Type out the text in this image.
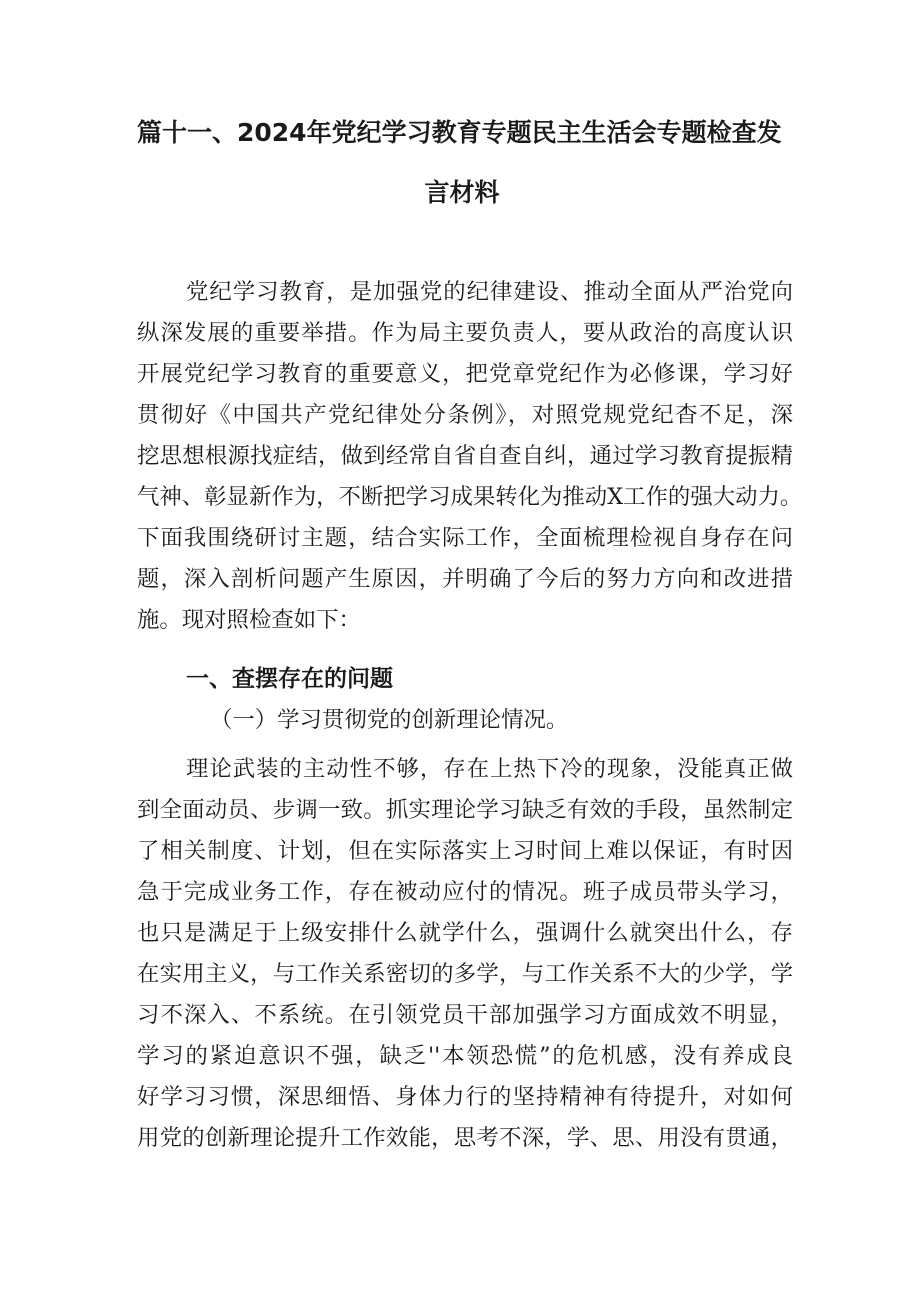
篇十一、2024年党纪学习教育专题民主生活会专题检查发
言材料

党纪学习教育，是加强党的纪律建设、推动全面从严治党向

纵深发展的重要举措。作为局主要负责人，要从政治的高度认识

开展党纪学习教育的重要意义，把党章党纪作为必修课，学习好

贯彻好《中国共产党纪律处分条例》，对照党规党纪杳不足，深

挖思想根源找症结，做到经常自省自查自纠，通过学习教育提振精

气神、彰显新作为，不断把学习成果转化为推动X工作的强大动力。

下面我围绕研讨主题，结合实际工作，全面梳理检视自身存在问

题，深入剖析问题产生原因，并明确了今后的努力方向和改进措

施。现对照检查如下：

一、查摆存在的问题

（一）学习贯彻党的创新理论情况。

理论武装的主动性不够，存在上热下冷的现象，没能真正做

到全面动员、步调一致。抓实理论学习缺乏有效的手段，虽然制定

了相关制度、计划，但在实际落实上习时间上难以保证，有时因

急于完成业务工作，存在被动应付的情况。班子成员带头学习，

也只是满足于上级安排什么就学什么，强调什么就突出什么，存

在实用主义，与工作关系密切的多学，与工作关系不大的少学，学

习不深入、不系统。在引领党员干部加强学习方面成效不明显，

学习的紧迫意识不强，缺乏''本领恐慌”的危机感，没有养成良

好学习习惯，深思细悟、身体力行的坚持精神有待提升，对如何

用党的创新理论提升工作效能，思考不深，学、思、用没有贯通，
